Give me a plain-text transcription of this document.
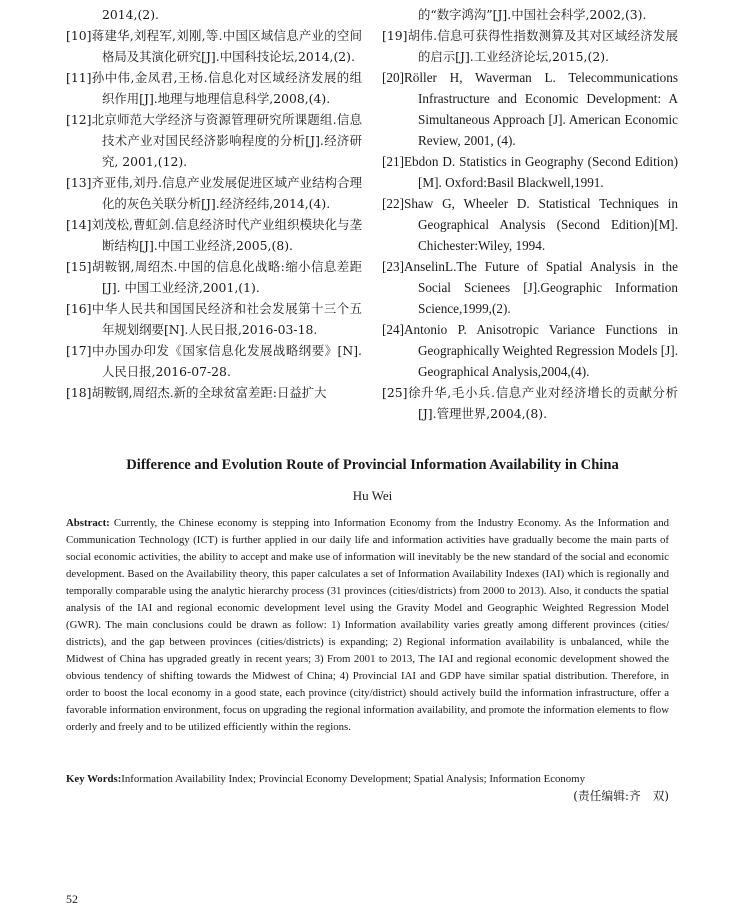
2014,(2).

[10]蒋建华,刘程军,刘刚,等.中国区域信息产业的空间格局及其演化研究[J].中国科技论坛,2014,(2).

[11]孙中伟,金凤君,王杨.信息化对区域经济发展的组织作用[J].地理与地理信息科学,2008,(4).

[12]北京师范大学经济与资源管理研究所课题组.信息技术产业对国民经济影响程度的分析[J].经济研究, 2001,(12).

[13]齐亚伟,刘丹.信息产业发展促进区域产业结构合理化的灰色关联分析[J].经济经纬,2014,(4).

[14]刘茂松,曹虹剑.信息经济时代产业组织模块化与垄断结构[J].中国工业经济,2005,(8).

[15]胡鞍钢,周绍杰.中国的信息化战略:缩小信息差距[J]. 中国工业经济,2001,(1).

[16]中华人民共和国国民经济和社会发展第十三个五年规划纲要[N].人民日报,2016-03-18.

[17]中办国办印发《国家信息化发展战略纲要》[N].人民日报,2016-07-28.

[18]胡鞍钢,周绍杰.新的全球贫富差距:日益扩大

的“数字鸿沟”[J].中国社会科学,2002,(3).

[19]胡伟.信息可获得性指数测算及其对区域经济发展的启示[J].工业经济论坛,2015,(2).

[20]Röller H, Waverman L. Telecommunications Infrastructure and Economic Development: A Simultaneous Approach [J]. American Economic Review, 2001, (4).

[21]Ebdon D. Statistics in Geography (Second Edition)[M]. Oxford:Basil Blackwell,1991.

[22]Shaw G, Wheeler D. Statistical Techniques in Geographical Analysis (Second Edition)[M]. Chichester:Wiley, 1994.

[23]AnselinL.The Future of Spatial Analysis in the Social Scienees [J].Geographic Information Science,1999,(2).

[24]Antonio P. Anisotropic Variance Functions in Geographically Weighted Regression Models [J]. Geographical Analysis,2004,(4).

[25]徐升华,毛小兵.信息产业对经济增长的贡献分析[J].管理世界,2004,(8).

Difference and Evolution Route of Provincial Information Availability in China

Hu Wei

Abstract: Currently, the Chinese economy is stepping into Information Economy from the Industry Economy. As the Information and Communication Technology (ICT) is further applied in our daily life and information activities have gradually become the main parts of social economic activities, the ability to accept and make use of information will inevitably be the new standard of the social and economic development. Based on the Availability theory, this paper calculates a set of Information Availability Indexes (IAI) which is regionally and temporally comparable using the analytic hierarchy process (31 provinces (cities/districts) from 2000 to 2013). Also, it conducts the spatial analysis of the IAI and regional economic development level using the Gravity Model and Geographic Weighted Regression Model (GWR). The main conclusions could be drawn as follow: 1) Information availability varies greatly among different provinces (cities/ districts), and the gap between provinces (cities/districts) is expanding; 2) Regional information availability is unbalanced, while the Midwest of China has upgraded greatly in recent years; 3) From 2001 to 2013, The IAI and regional economic development showed the obvious tendency of shifting towards the Midwest of China; 4) Provincial IAI and GDP have similar spatial distribution. Therefore, in order to boost the local economy in a good state, each province (city/district) should actively build the information infrastructure, offer a favorable information environment, focus on upgrading the regional information availability, and promote the information elements to flow orderly and freely and to be utilized efficiently within the regions.

Key Words:Information Availability Index; Provincial Economy Development; Spatial Analysis; Information Economy

(责任编辑:齐　双)

52
